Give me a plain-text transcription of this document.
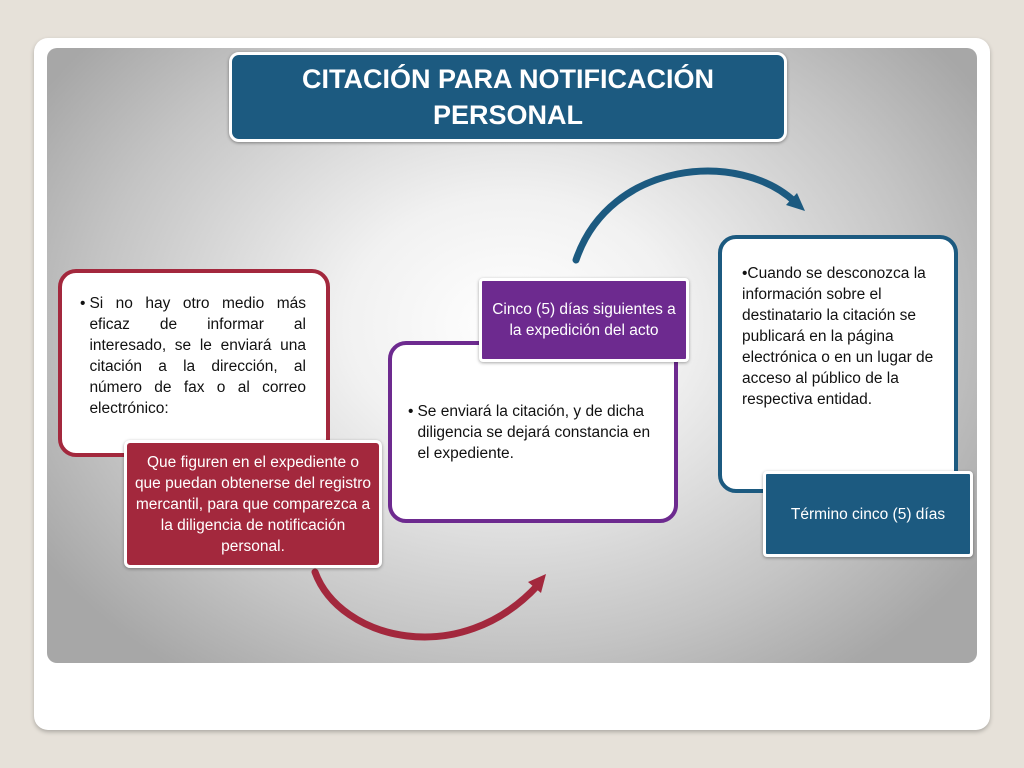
CITACIÓN PARA NOTIFICACIÓN
PERSONAL
• Si no hay otro medio más eficaz de informar al interesado, se le enviará una citación a la dirección, al número de fax o al correo electrónico:
Que figuren en el expediente o que puedan obtenerse del registro mercantil, para que comparezca a la diligencia de notificación personal.
• Se enviará la citación, y de dicha diligencia se dejará constancia en el expediente.
Cinco (5) días siguientes a la expedición del acto
•Cuando se desconozca la información sobre el destinatario la citación se publicará en la página electrónica o en un lugar de acceso al público de la respectiva entidad.
Término cinco (5) días
